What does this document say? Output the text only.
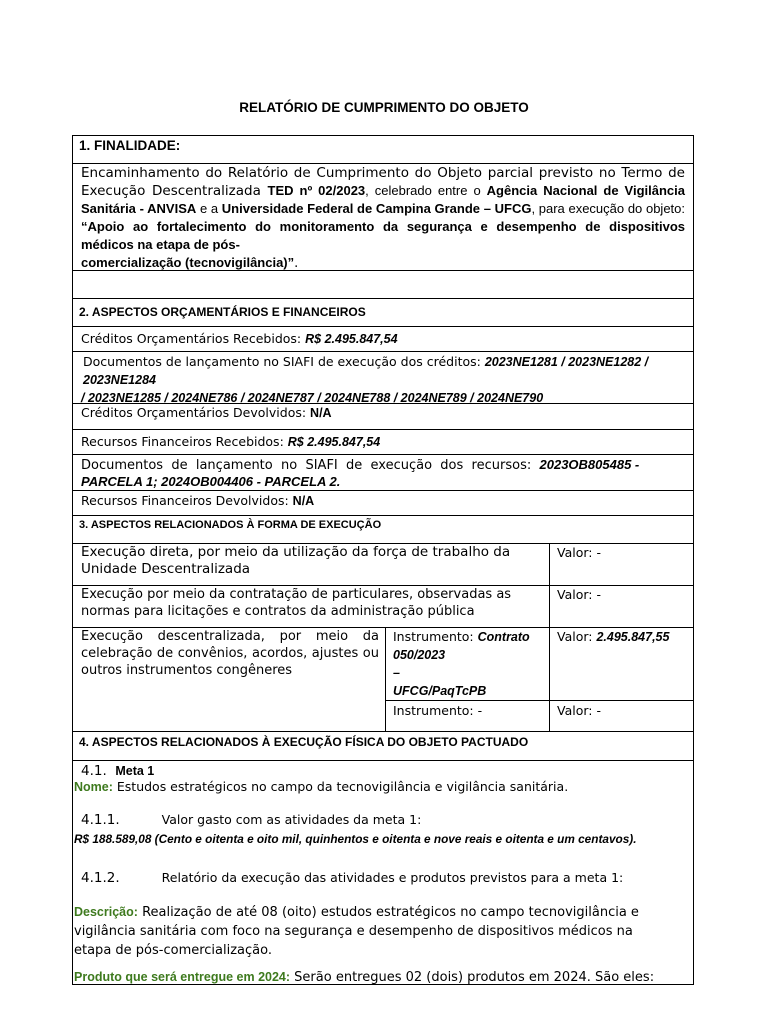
RELATÓRIO DE CUMPRIMENTO DO OBJETO
1. FINALIDADE:
Encaminhamento do Relatório de Cumprimento do Objeto parcial previsto no Termo de Execução Descentralizada TED nº 02/2023, celebrado entre o Agência Nacional de Vigilância Sanitária - ANVISA e a Universidade Federal de Campina Grande – UFCG, para execução do objeto: “Apoio ao fortalecimento do monitoramento da segurança e desempenho de dispositivos médicos na etapa de pós-
comercialização (tecnovigilância)”.
2. ASPECTOS ORÇAMENTÁRIOS E FINANCEIROS
Créditos Orçamentários Recebidos: R$ 2.495.847,54
Documentos de lançamento no SIAFI de execução dos créditos: 2023NE1281 / 2023NE1282 /
2023NE1284
/ 2023NE1285 / 2024NE786 / 2024NE787 / 2024NE788 / 2024NE789 / 2024NE790
Créditos Orçamentários Devolvidos: N/A
Recursos Financeiros Recebidos: R$ 2.495.847,54
Documentos  de  lançamento  no  SIAFI  de  execução  dos  recursos:  2023OB805485 -
PARCELA 1; 2024OB004406 - PARCELA 2.
Recursos Financeiros Devolvidos: N/A
3. ASPECTOS RELACIONADOS À FORMA DE EXECUÇÃO
Execução direta, por meio da utilização da força de trabalho da Unidade Descentralizada
Valor: -
Execução por meio da contratação de particulares, observadas as normas para licitações e contratos da administração pública
Valor: -
Execução descentralizada, por meio da celebração de convênios, acordos, ajustes ou outros instrumentos congêneres
Instrumento: Contrato
050/2023
–
UFCG/PaqTcPB
Valor: 2.495.847,55
Instrumento: -	Valor: -
4. ASPECTOS RELACIONADOS À EXECUÇÃO FÍSICA DO OBJETO PACTUADO
4.1. Meta 1
Nome: Estudos estratégicos no campo da tecnovigilância e vigilância sanitária.
4.1.1.	Valor gasto com as atividades da meta 1:
R$ 188.589,08 (Cento e oitenta e oito mil, quinhentos e oitenta e nove reais e oitenta e um centavos).
4.1.2.	Relatório da execução das atividades e produtos previstos para a meta 1:
Descrição: Realização de até 08 (oito) estudos estratégicos no campo tecnovigilância e vigilância sanitária com foco na segurança e desempenho de dispositivos médicos na etapa de pós-comercialização.
Produto que será entregue em 2024: Serão entregues 02 (dois) produtos em 2024. São eles:
